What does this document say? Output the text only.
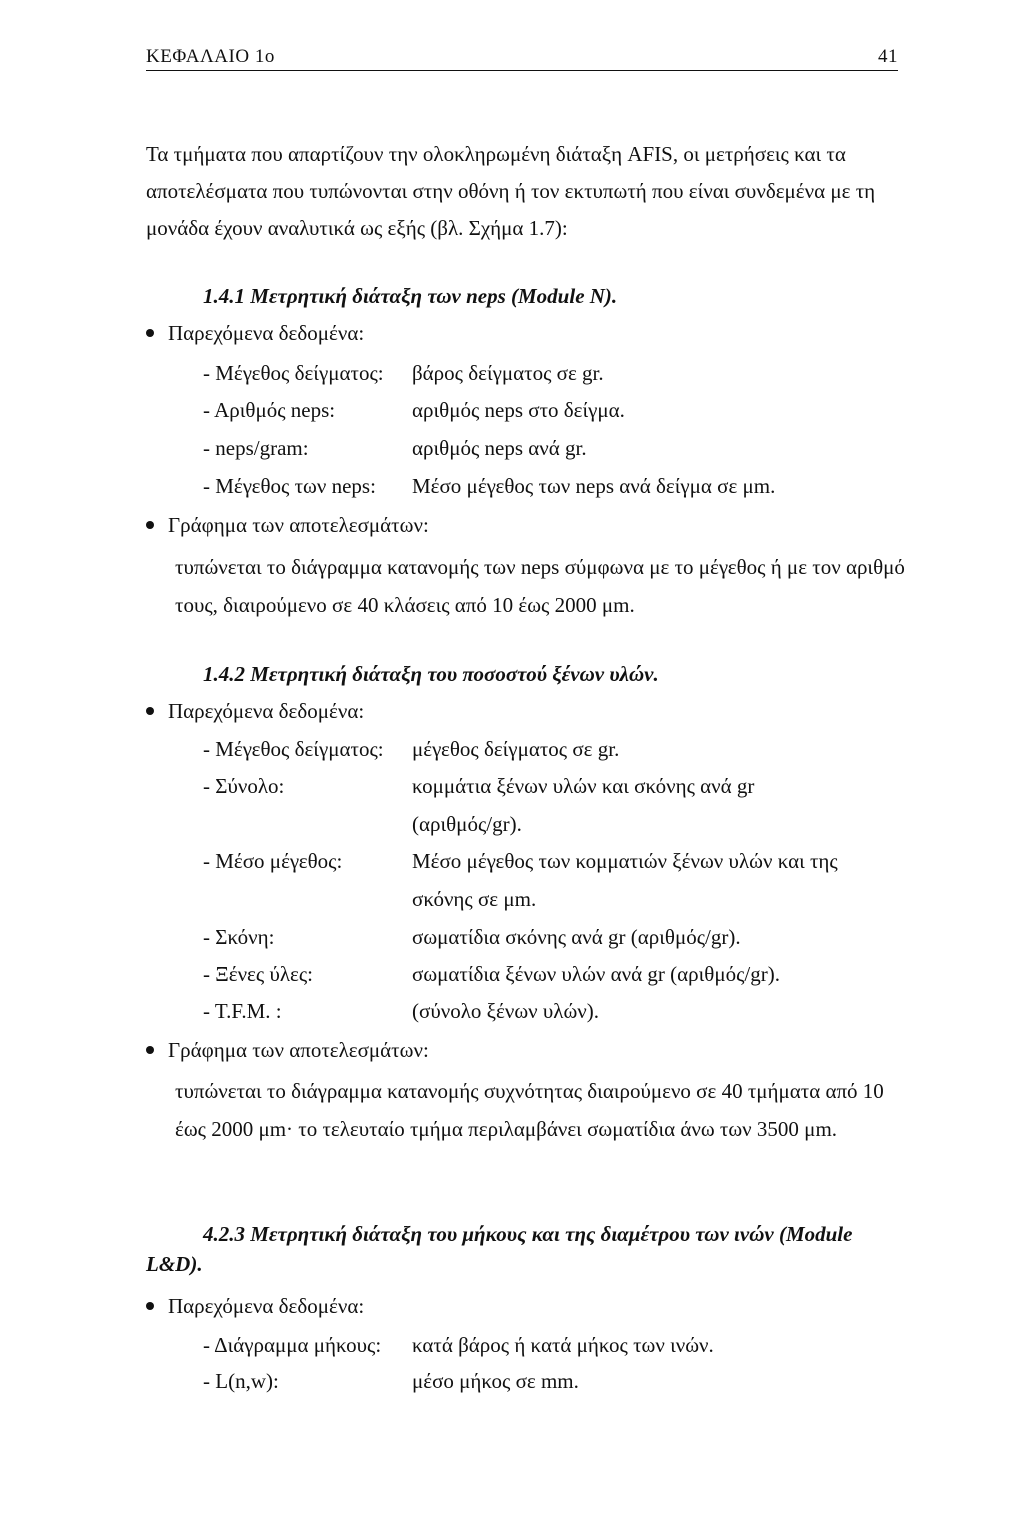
ΚΕΦΑΛΑΙΟ 1ο	41

Τα τμήματα που απαρτίζουν την ολοκληρωμένη διάταξη AFIS, οι μετρήσεις και τα αποτελέσματα που τυπώνονται στην οθόνη ή τον εκτυπωτή που είναι συνδεμένα με τη μονάδα έχουν αναλυτικά ως εξής (βλ. Σχήμα 1.7):

1.4.1 Μετρητική διάταξη των neps (Module N).
Παρεχόμενα δεδομένα:
- Μέγεθος δείγματος: βάρος δείγματος σε gr.
- Αριθμός neps:	αριθμός neps στο δείγμα.
- neps/gram:	αριθμός neps ανά gr.
- Μέγεθος των neps: Μέσο μέγεθος των neps ανά δείγμα σε μm.
Γράφημα των αποτελεσμάτων:
τυπώνεται το διάγραμμα κατανομής των neps σύμφωνα με το μέγεθος ή με τον αριθμό τους, διαιρούμενο σε 40 κλάσεις από 10 έως 2000 μm.
1.4.2 Μετρητική διάταξη του ποσοστού ξένων υλών.
Παρεχόμενα δεδομένα:
- Μέγεθος δείγματος: μέγεθος δείγματος σε gr.
- Σύνολο:	κομμάτια ξένων υλών και σκόνης ανά gr
(αριθμός/gr).
- Μέσο μέγεθος:	Μέσο μέγεθος των κομματιών ξένων υλών και της
σκόνης σε μm.
- Σκόνη:	σωματίδια σκόνης ανά gr (αριθμός/gr).
- Ξένες ύλες:	σωματίδια ξένων υλών ανά gr (αριθμός/gr).
- T.F.M. :	(σύνολο ξένων υλών).
Γράφημα των αποτελεσμάτων:
τυπώνεται το διάγραμμα κατανομής συχνότητας διαιρούμενο σε 40 τμήματα από 10 έως 2000 μm· το τελευταίο τμήμα περιλαμβάνει σωματίδια άνω των 3500 μm.
4.2.3 Μετρητική διάταξη του μήκους και της διαμέτρου των ινών (Module
L&D).
Παρεχόμενα δεδομένα:
- Διάγραμμα μήκους: κατά βάρος ή κατά μήκος των ινών.
- L(n,w):	μέσο μήκος σε mm.
